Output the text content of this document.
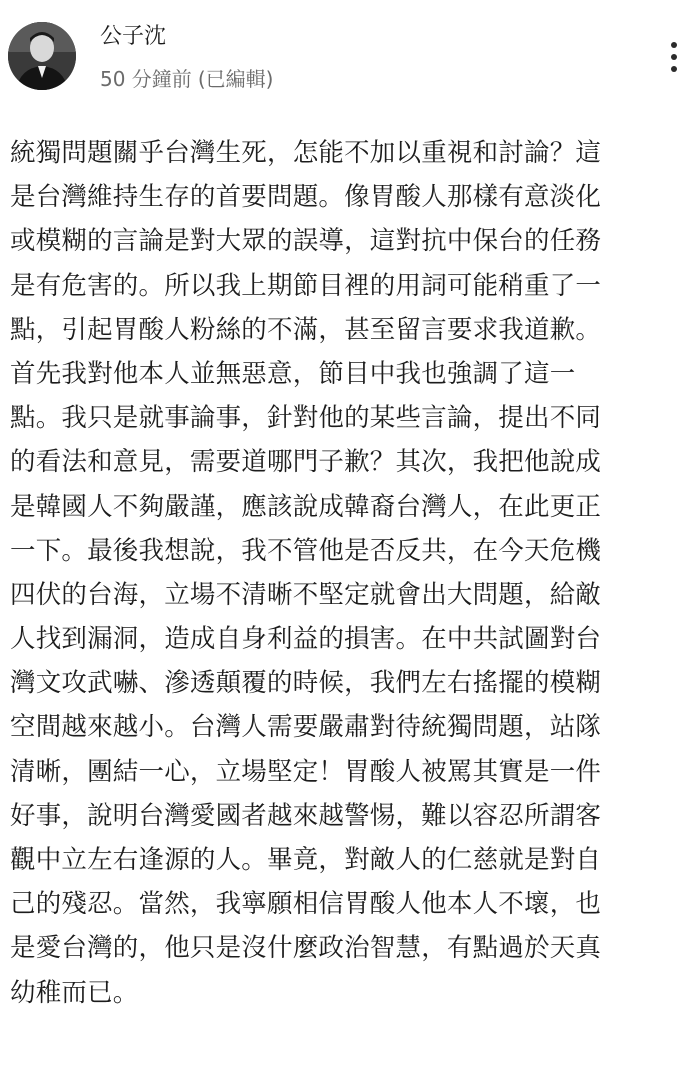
公子沈
50 分鐘前 (已編輯)
統獨問題關乎台灣生死，怎能不加以重視和討論？這
是台灣維持生存的首要問題。像胃酸人那樣有意淡化
或模糊的言論是對大眾的誤導，這對抗中保台的任務
是有危害的。所以我上期節目裡的用詞可能稍重了一
點，引起胃酸人粉絲的不滿，甚至留言要求我道歉。
首先我對他本人並無惡意，節目中我也強調了這一
點。我只是就事論事，針對他的某些言論，提出不同
的看法和意見，需要道哪門子歉？其次，我把他說成
是韓國人不夠嚴謹，應該說成韓裔台灣人，在此更正
一下。最後我想說，我不管他是否反共，在今天危機
四伏的台海，立場不清晰不堅定就會出大問題，給敵
人找到漏洞，造成自身利益的損害。在中共試圖對台
灣文攻武嚇、滲透顛覆的時候，我們左右搖擺的模糊
空間越來越小。台灣人需要嚴肅對待統獨問題，站隊
清晰，團結一心，立場堅定！胃酸人被罵其實是一件
好事，說明台灣愛國者越來越警惕，難以容忍所謂客
觀中立左右逢源的人。畢竟，對敵人的仁慈就是對自
己的殘忍。當然，我寧願相信胃酸人他本人不壞，也
是愛台灣的，他只是沒什麼政治智慧，有點過於天真
幼稚而已。
